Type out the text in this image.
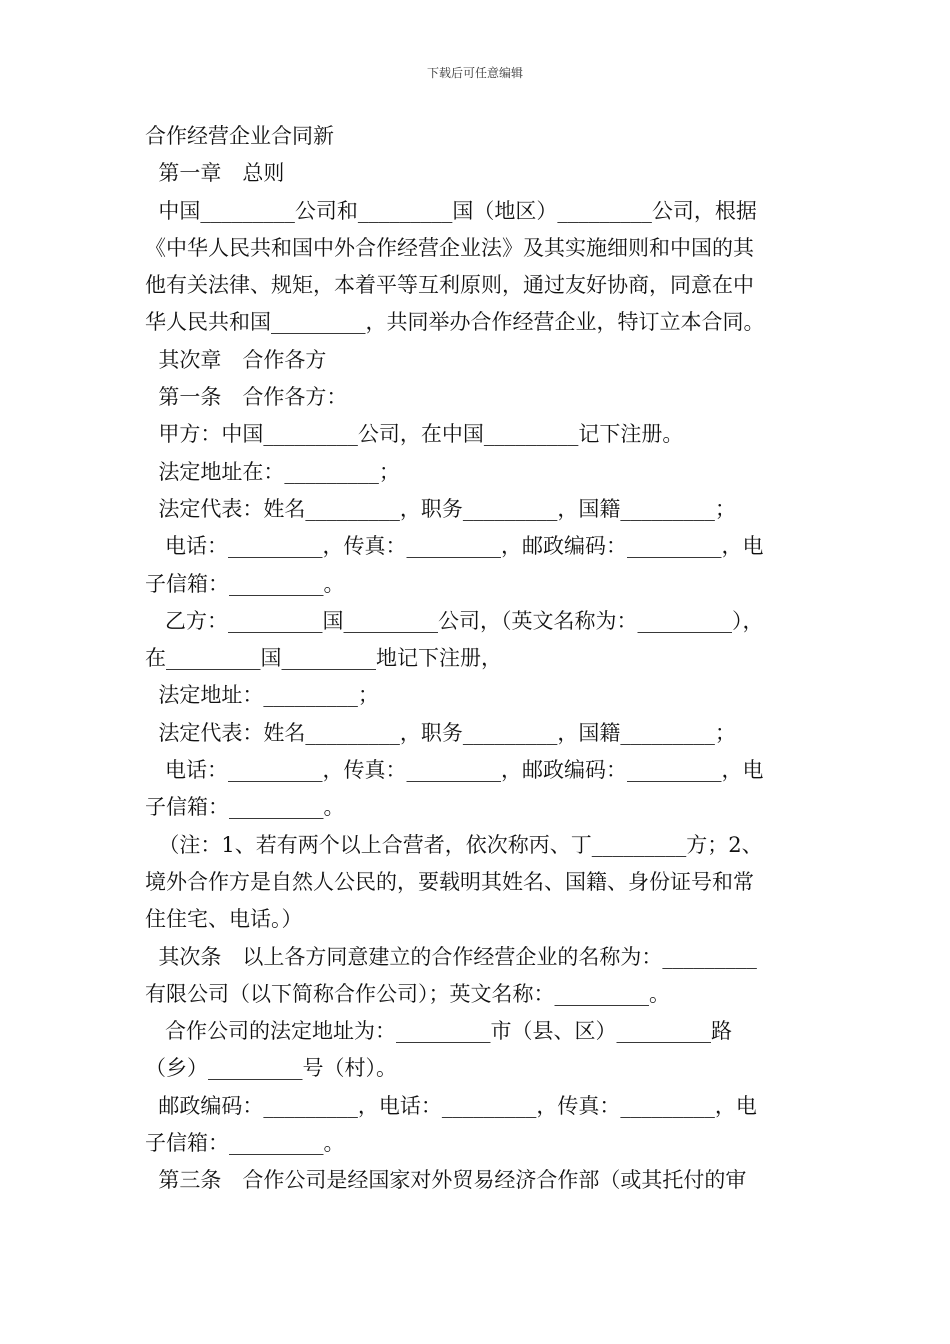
下载后可任意编辑
合作经营企业合同新
第一章　总则
中国_________公司和_________国（地区）_________公司，根据
《中华人民共和国中外合作经营企业法》及其实施细则和中国的其
他有关法律、规矩，本着平等互利原则，通过友好协商，同意在中
华人民共和国_________，共同举办合作经营企业，特订立本合同。
其次章　合作各方
第一条　合作各方：
甲方：中国_________公司，在中国_________记下注册。
法定地址在：_________；
法定代表：姓名_________，职务_________，国籍_________；
电话：_________，传真：_________，邮政编码：_________，电
子信箱：_________。
乙方：_________国_________公司，（英文名称为：_________），
在_________国_________地记下注册，
法定地址：_________；
法定代表：姓名_________，职务_________，国籍_________；
电话：_________，传真：_________，邮政编码：_________，电
子信箱：_________。
（注：1、若有两个以上合营者，依次称丙、丁_________方；2、
境外合作方是自然人公民的，要载明其姓名、国籍、身份证号和常
住住宅、电话。）
其次条　以上各方同意建立的合作经营企业的名称为：_________
有限公司（以下简称合作公司）；英文名称：_________。
合作公司的法定地址为：_________市（县、区）_________路
（乡）_________号（村）。
邮政编码：_________，电话：_________，传真：_________，电
子信箱：_________。
第三条　合作公司是经国家对外贸易经济合作部（或其托付的审
